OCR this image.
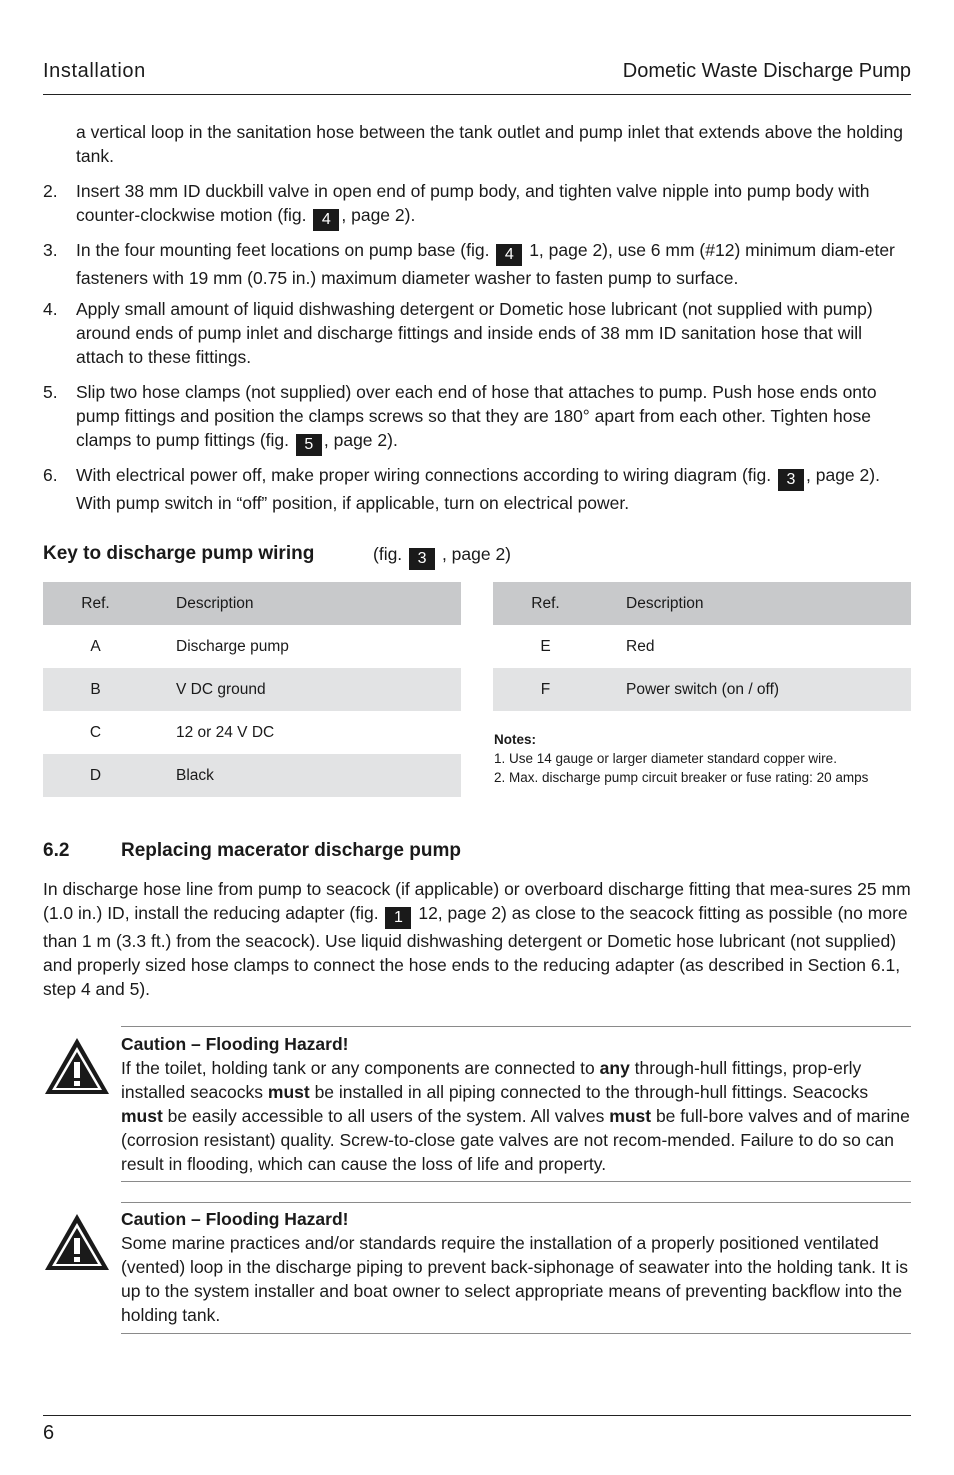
Installation	Dometic Waste Discharge Pump
a vertical loop in the sanitation hose between the tank outlet and pump inlet that extends above the holding tank.
2.	Insert 38 mm ID duckbill valve in open end of pump body, and tighten valve nipple into pump body with counter-clockwise motion (fig. 4 , page 2).
3.	In the four mounting feet locations on pump base (fig. 4 1, page 2), use 6 mm (#12) minimum diam-eter fasteners with 19 mm (0.75 in.) maximum diameter washer to fasten pump to surface.
4.	Apply small amount of liquid dishwashing detergent or Dometic hose lubricant (not supplied with pump) around ends of pump inlet and discharge fittings and inside ends of 38 mm ID sanitation hose that will attach to these fittings.
5.	Slip two hose clamps (not supplied) over each end of hose that attaches to pump. Push hose ends onto pump fittings and position the clamps screws so that they are 180° apart from each other. Tighten hose clamps to pump fittings (fig. 5 , page 2).
6.	With electrical power off, make proper wiring connections according to wiring diagram (fig. 3 , page 2). With pump switch in “off” position, if applicable, turn on electrical power.
Key to discharge pump wiring	(fig. 3 , page 2)
Ref.	Description
A	Discharge pump
B	V DC ground
C	12 or 24 V DC
D	Black
Ref.	Description
E	Red
F	Power switch (on / off)
Notes:
1. Use 14 gauge or larger diameter standard copper wire.
2. Max. discharge pump circuit breaker or fuse rating: 20 amps
6.2	Replacing macerator discharge pump
In discharge hose line from pump to seacock (if applicable) or overboard discharge fitting that mea-sures 25 mm (1.0 in.) ID, install the reducing adapter (fig. 1 12, page 2) as close to the seacock fitting as possible (no more than 1 m (3.3 ft.) from the seacock). Use liquid dishwashing detergent or Dometic hose lubricant (not supplied) and properly sized hose clamps to connect the hose ends to the reducing adapter (as described in Section 6.1, step 4 and 5).
Caution – Flooding Hazard!
If the toilet, holding tank or any components are connected to any through-hull fittings, prop-erly installed seacocks must be installed in all piping connected to the through-hull fittings. Seacocks must be easily accessible to all users of the system. All valves must be full-bore valves and of marine (corrosion resistant) quality. Screw-to-close gate valves are not recom-mended. Failure to do so can result in flooding, which can cause the loss of life and property.
Caution – Flooding Hazard!
Some marine practices and/or standards require the installation of a properly positioned ventilated (vented) loop in the discharge piping to prevent back-siphonage of seawater into the holding tank. It is up to the system installer and boat owner to select appropriate means of preventing backflow into the holding tank.
6
